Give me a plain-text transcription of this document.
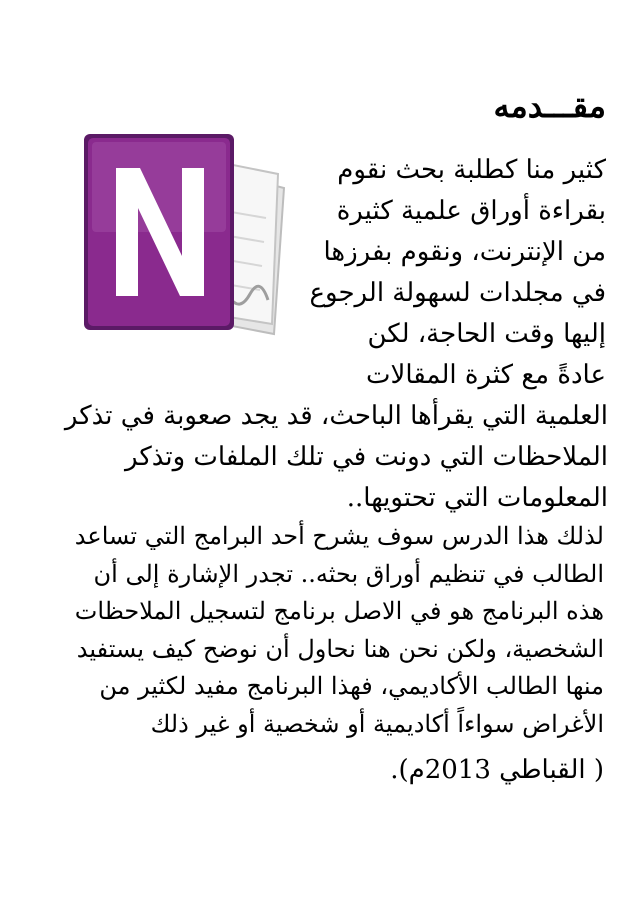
مقـــدمه
كثير منا كطلبة بحث نقوم
بقراءة أوراق علمية كثيرة
من الإنترنت، ونقوم بفرزها
في مجلدات لسهولة الرجوع
إليها وقت الحاجة، لكن
عادةً مع كثرة المقالات
العلمية التي يقرأها الباحث، قد يجد صعوبة في تذكر
الملاحظات التي دونت في تلك الملفات وتذكر
المعلومات التي تحتويها..
لذلك هذا الدرس سوف يشرح أحد البرامج التي تساعد
الطالب في تنظيم أوراق بحثه.. تجدر الإشارة إلى أن
هذه البرنامج هو في الاصل برنامج لتسجيل الملاحظات
الشخصية، ولكن نحن هنا نحاول أن نوضح كيف يستفيد
منها الطالب الأكاديمي، فهذا البرنامج مفيد لكثير من
الأغراض سواءاً أكاديمية أو شخصية أو غير ذلك

( القباطي 2013م).
